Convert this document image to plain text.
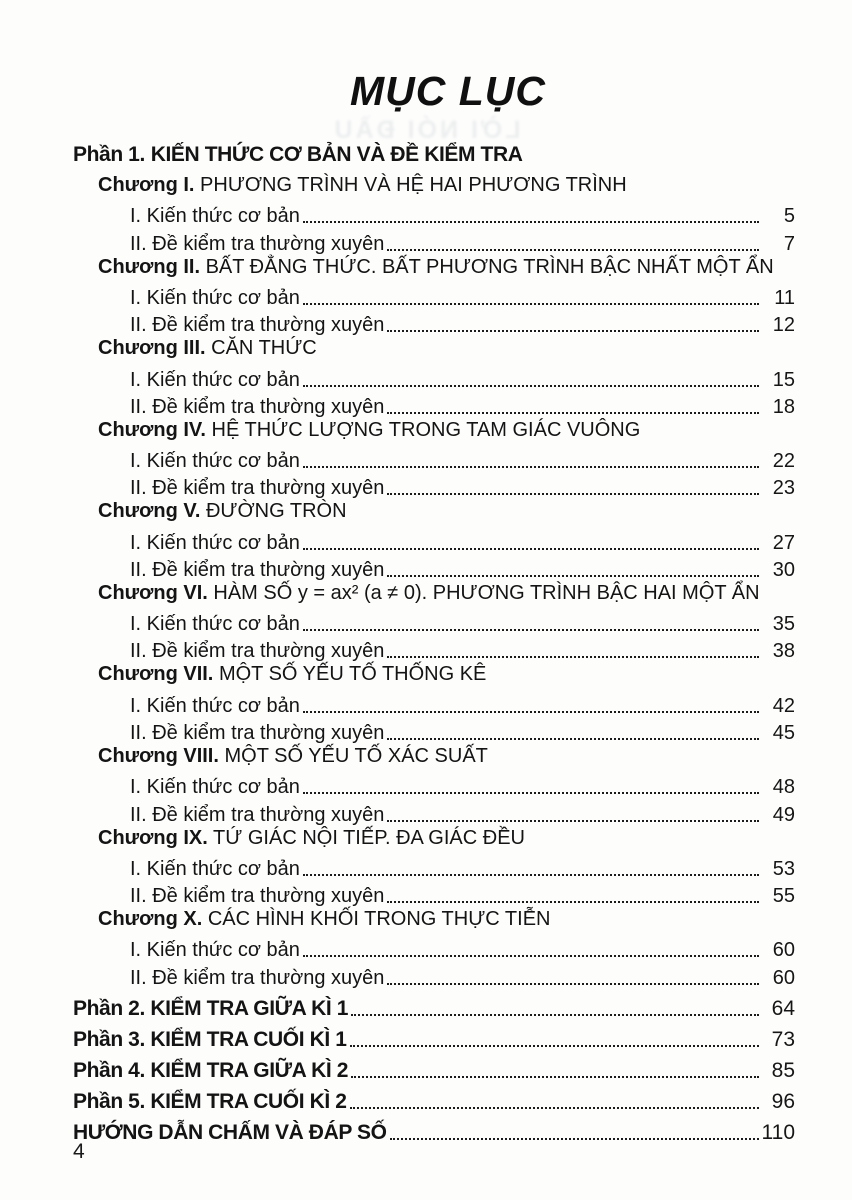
MỤC LỤC
LỜI NÓI ĐẦU
Phần 1. KIẾN THỨC CƠ BẢN VÀ ĐỀ KIỂM TRA
Chương I. PHƯƠNG TRÌNH VÀ HỆ HAI PHƯƠNG TRÌNH
I. Kiến thức cơ bản	5
II. Đề kiểm tra thường xuyên	7
Chương II. BẤT ĐẲNG THỨC. BẤT PHƯƠNG TRÌNH BẬC NHẤT MỘT ẨN
I. Kiến thức cơ bản	11
II. Đề kiểm tra thường xuyên	12
Chương III. CĂN THỨC
I. Kiến thức cơ bản	15
II. Đề kiểm tra thường xuyên	18
Chương IV. HỆ THỨC LƯỢNG TRONG TAM GIÁC VUÔNG
I. Kiến thức cơ bản	22
II. Đề kiểm tra thường xuyên	23
Chương V. ĐƯỜNG TRÒN
I. Kiến thức cơ bản	27
II. Đề kiểm tra thường xuyên	30
Chương VI. HÀM SỐ y = ax² (a ≠ 0). PHƯƠNG TRÌNH BẬC HAI MỘT ẨN
I. Kiến thức cơ bản	35
II. Đề kiểm tra thường xuyên	38
Chương VII. MỘT SỐ YẾU TỐ THỐNG KÊ
I. Kiến thức cơ bản	42
II. Đề kiểm tra thường xuyên	45
Chương VIII. MỘT SỐ YẾU TỐ XÁC SUẤT
I. Kiến thức cơ bản	48
II. Đề kiểm tra thường xuyên	49
Chương IX. TỨ GIÁC NỘI TIẾP. ĐA GIÁC ĐỀU
I. Kiến thức cơ bản	53
II. Đề kiểm tra thường xuyên	55
Chương X. CÁC HÌNH KHỐI TRONG THỰC TIỄN
I. Kiến thức cơ bản	60
II. Đề kiểm tra thường xuyên	60
Phần 2. KIỂM TRA GIỮA KÌ 1	64
Phần 3. KIỂM TRA CUỐI KÌ 1	73
Phần 4. KIỂM TRA GIỮA KÌ 2	85
Phần 5. KIỂM TRA CUỐI KÌ 2	96
HƯỚNG DẪN CHẤM VÀ ĐÁP SỐ	110
4
